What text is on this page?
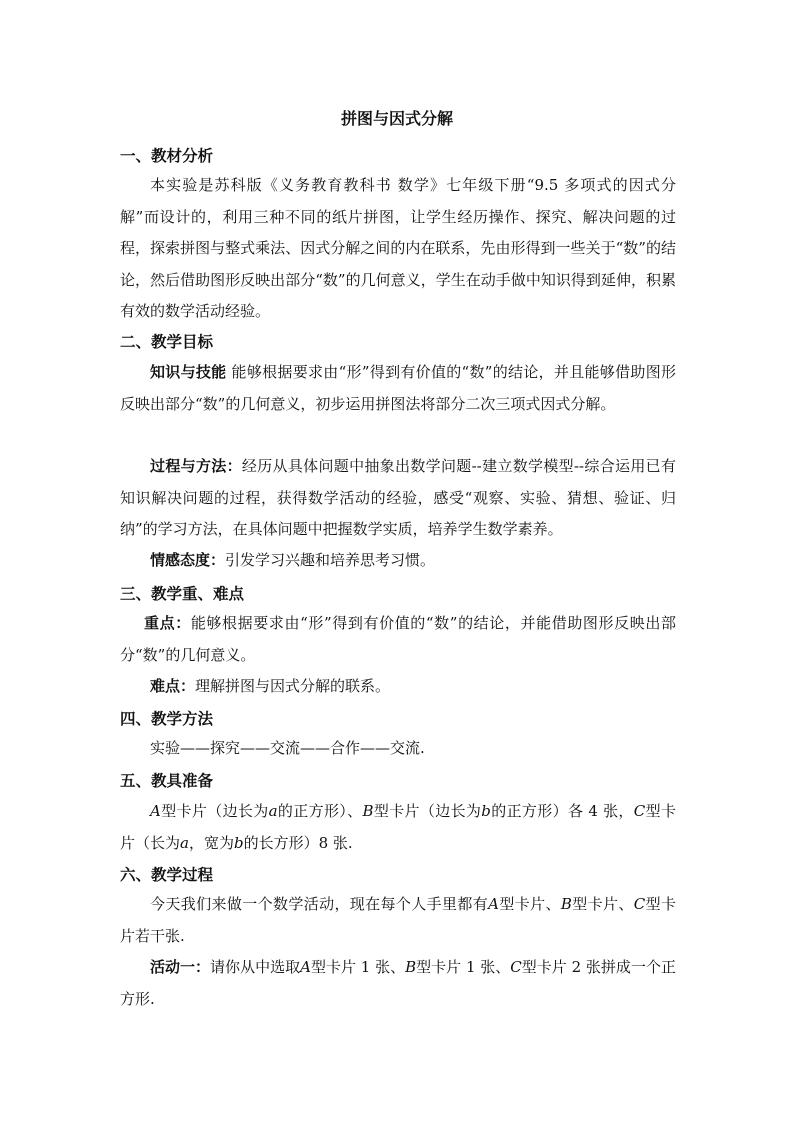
拼图与因式分解
一、教材分析

本实验是苏科版《义务教育教科书 数学》七年级下册“9.5 多项式的因式分解”而设计的，利用三种不同的纸片拼图，让学生经历操作、探究、解决问题的过程，探索拼图与整式乘法、因式分解之间的内在联系，先由形得到一些关于“数”的结论，然后借助图形反映出部分“数”的几何意义，学生在动手做中知识得到延伸，积累有效的数学活动经验。

二、教学目标

知识与技能 能够根据要求由“形”得到有价值的“数”的结论，并且能够借助图形反映出部分“数”的几何意义，初步运用拼图法将部分二次三项式因式分解。

过程与方法：经历从具体问题中抽象出数学问题--建立数学模型--综合运用已有知识解决问题的过程，获得数学活动的经验，感受“观察、实验、猜想、验证、归纳”的学习方法，在具体问题中把握数学实质，培养学生数学素养。

情感态度：引发学习兴趣和培养思考习惯。

三、教学重、难点

重点：能够根据要求由“形”得到有价值的“数”的结论，并能借助图形反映出部分“数”的几何意义。

难点：理解拼图与因式分解的联系。

四、教学方法

实验——探究——交流——合作——交流.

五、教具准备

A型卡片（边长为a的正方形）、B型卡片（边长为b的正方形）各 4 张，C型卡片（长为a，宽为b的长方形）8 张.

六、教学过程

今天我们来做一个数学活动，现在每个人手里都有A型卡片、B型卡片、C型卡片若干张.

活动一：请你从中选取A型卡片 1 张、B型卡片 1 张、C型卡片 2 张拼成一个正方形.
